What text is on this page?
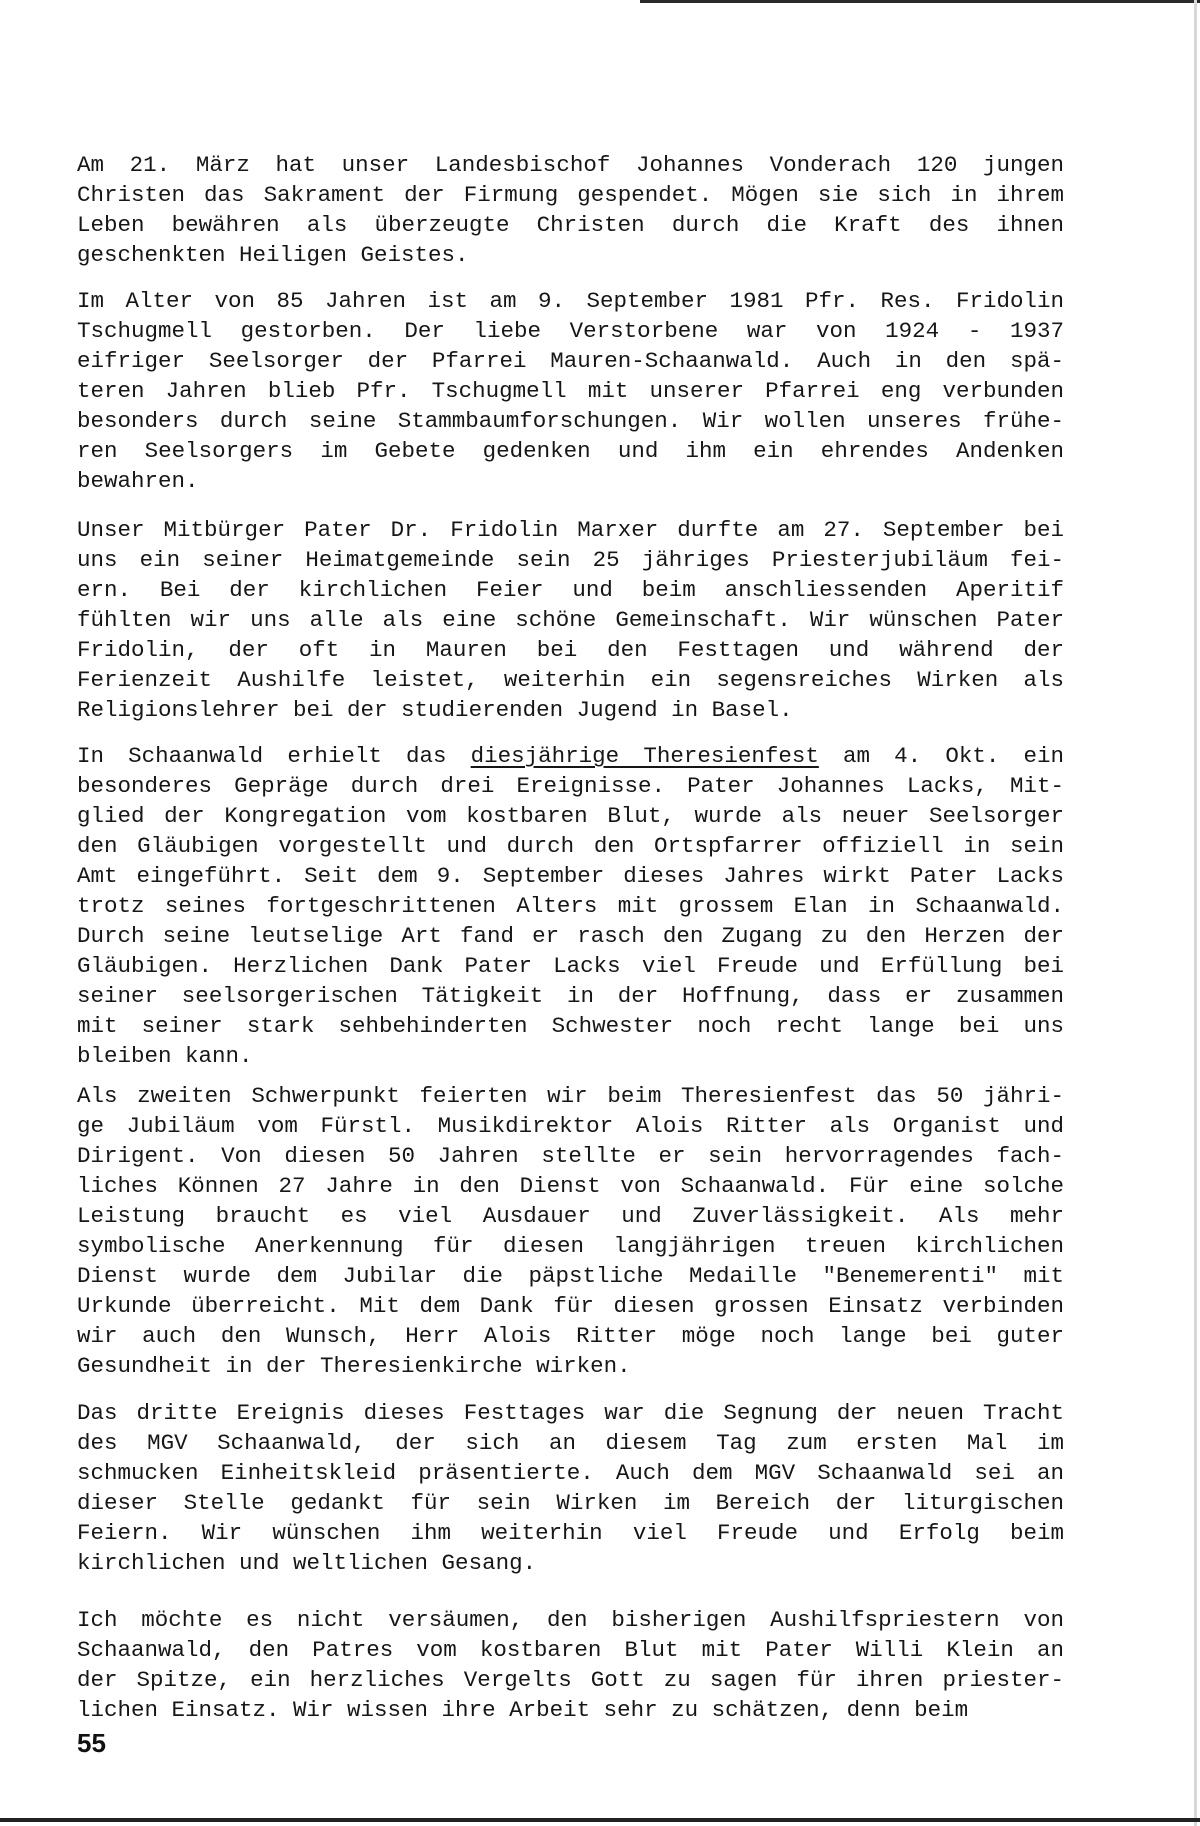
Am 21. März hat unser Landesbischof Johannes Vonderach 120 jungen
Christen das Sakrament der Firmung gespendet. Mögen sie sich in ihrem
Leben bewähren als überzeugte Christen durch die Kraft des ihnen
geschenkten Heiligen Geistes.
Im Alter von 85 Jahren ist am 9. September 1981 Pfr. Res. Fridolin
Tschugmell gestorben. Der liebe Verstorbene war von 1924 - 1937
eifriger Seelsorger der Pfarrei Mauren-Schaanwald. Auch in den spä-
teren Jahren blieb Pfr. Tschugmell mit unserer Pfarrei eng verbunden
besonders durch seine Stammbaumforschungen. Wir wollen unseres frühe-
ren Seelsorgers im Gebete gedenken und ihm ein ehrendes Andenken
bewahren.
Unser Mitbürger Pater Dr. Fridolin Marxer durfte am 27. September bei
uns ein seiner Heimatgemeinde sein 25 jähriges Priesterjubiläum fei-
ern. Bei der kirchlichen Feier und beim anschliessenden Aperitif
fühlten wir uns alle als eine schöne Gemeinschaft. Wir wünschen Pater
Fridolin, der oft in Mauren bei den Festtagen und während der
Ferienzeit Aushilfe leistet, weiterhin ein segensreiches Wirken als
Religionslehrer bei der studierenden Jugend in Basel.
In Schaanwald erhielt das diesjährige Theresienfest am 4. Okt. ein
besonderes Gepräge durch drei Ereignisse. Pater Johannes Lacks, Mit-
glied der Kongregation vom kostbaren Blut, wurde als neuer Seelsorger
den Gläubigen vorgestellt und durch den Ortspfarrer offiziell in sein
Amt eingeführt. Seit dem 9. September dieses Jahres wirkt Pater Lacks
trotz seines fortgeschrittenen Alters mit grossem Elan in Schaanwald.
Durch seine leutselige Art fand er rasch den Zugang zu den Herzen der
Gläubigen. Herzlichen Dank Pater Lacks viel Freude und Erfüllung bei
seiner seelsorgerischen Tätigkeit in der Hoffnung, dass er zusammen
mit seiner stark sehbehinderten Schwester noch recht lange bei uns
bleiben kann.
Als zweiten Schwerpunkt feierten wir beim Theresienfest das 50 jähri-
ge Jubiläum vom Fürstl. Musikdirektor Alois Ritter als Organist und
Dirigent. Von diesen 50 Jahren stellte er sein hervorragendes fach-
liches Können 27 Jahre in den Dienst von Schaanwald. Für eine solche
Leistung braucht es viel Ausdauer und Zuverlässigkeit. Als mehr
symbolische Anerkennung für diesen langjährigen treuen kirchlichen
Dienst wurde dem Jubilar die päpstliche Medaille "Benemerenti" mit
Urkunde überreicht. Mit dem Dank für diesen grossen Einsatz verbinden
wir auch den Wunsch, Herr Alois Ritter möge noch lange bei guter
Gesundheit in der Theresienkirche wirken.
Das dritte Ereignis dieses Festtages war die Segnung der neuen Tracht
des MGV Schaanwald, der sich an diesem Tag zum ersten Mal im
schmucken Einheitskleid präsentierte. Auch dem MGV Schaanwald sei an
dieser Stelle gedankt für sein Wirken im Bereich der liturgischen
Feiern. Wir wünschen ihm weiterhin viel Freude und Erfolg beim
kirchlichen und weltlichen Gesang.
Ich möchte es nicht versäumen, den bisherigen Aushilfspriestern von
Schaanwald, den Patres vom kostbaren Blut mit Pater Willi Klein an
der Spitze, ein herzliches Vergelts Gott zu sagen für ihren priester-
lichen Einsatz. Wir wissen ihre Arbeit sehr zu schätzen, denn beim
55
